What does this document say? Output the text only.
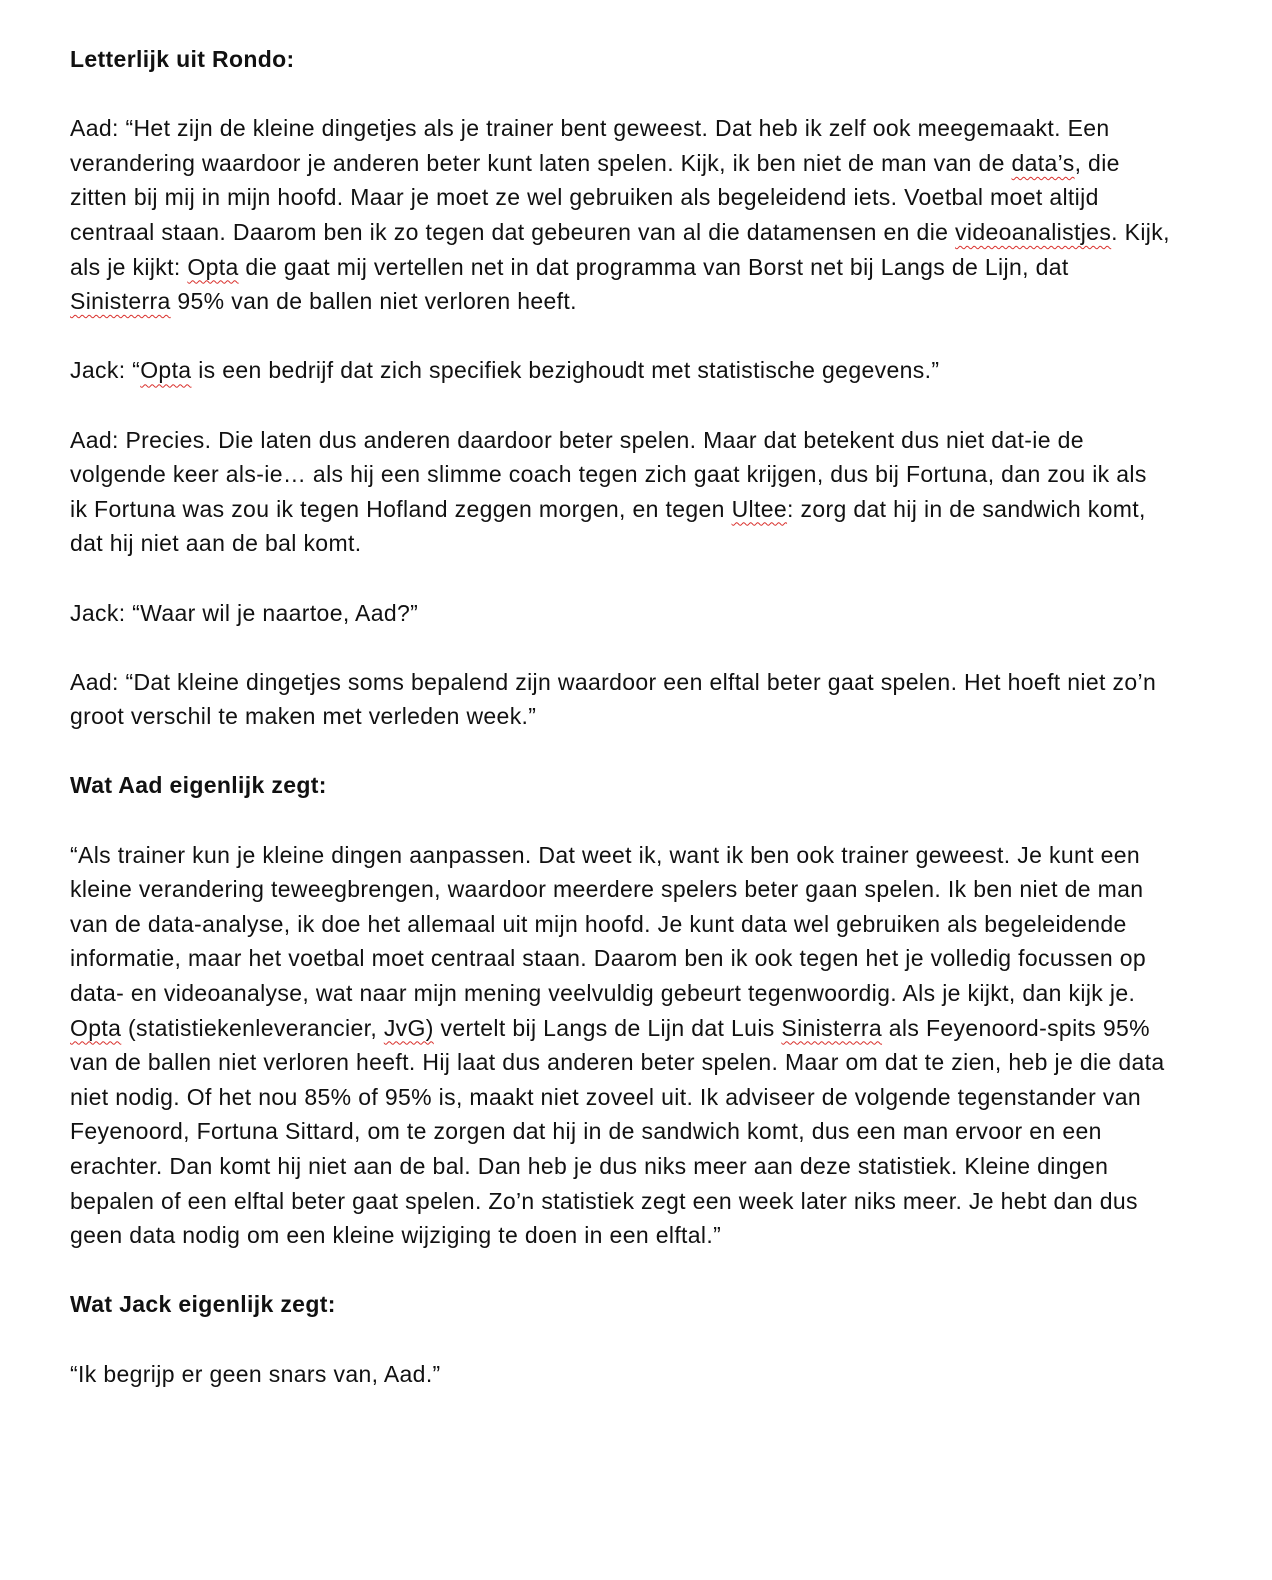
Letterlijk uit Rondo:

Aad: “Het zijn de kleine dingetjes als je trainer bent geweest. Dat heb ik zelf ook meegemaakt. Een verandering waardoor je anderen beter kunt laten spelen. Kijk, ik ben niet de man van de data’s, die zitten bij mij in mijn hoofd. Maar je moet ze wel gebruiken als begeleidend iets. Voetbal moet altijd centraal staan. Daarom ben ik zo tegen dat gebeuren van al die datamensen en die videoanalistjes. Kijk, als je kijkt: Opta die gaat mij vertellen net in dat programma van Borst net bij Langs de Lijn, dat Sinisterra 95% van de ballen niet verloren heeft.

Jack: “Opta is een bedrijf dat zich specifiek bezighoudt met statistische gegevens.”

Aad: Precies. Die laten dus anderen daardoor beter spelen. Maar dat betekent dus niet dat-ie de volgende keer als-ie… als hij een slimme coach tegen zich gaat krijgen, dus bij Fortuna, dan zou ik als ik Fortuna was zou ik tegen Hofland zeggen morgen, en tegen Ultee: zorg dat hij in de sandwich komt, dat hij niet aan de bal komt.

Jack: “Waar wil je naartoe, Aad?”

Aad: “Dat kleine dingetjes soms bepalend zijn waardoor een elftal beter gaat spelen. Het hoeft niet zo’n groot verschil te maken met verleden week.”

Wat Aad eigenlijk zegt:

“Als trainer kun je kleine dingen aanpassen. Dat weet ik, want ik ben ook trainer geweest. Je kunt een kleine verandering teweegbrengen, waardoor meerdere spelers beter gaan spelen. Ik ben niet de man van de data-analyse, ik doe het allemaal uit mijn hoofd. Je kunt data wel gebruiken als begeleidende informatie, maar het voetbal moet centraal staan. Daarom ben ik ook tegen het je volledig focussen op data- en videoanalyse, wat naar mijn mening veelvuldig gebeurt tegenwoordig. Als je kijkt, dan kijk je. Opta (statistiekenleverancier, JvG) vertelt bij Langs de Lijn dat Luis Sinisterra als Feyenoord-spits 95% van de ballen niet verloren heeft. Hij laat dus anderen beter spelen. Maar om dat te zien, heb je die data niet nodig. Of het nou 85% of 95% is, maakt niet zoveel uit. Ik adviseer de volgende tegenstander van Feyenoord, Fortuna Sittard, om te zorgen dat hij in de sandwich komt, dus een man ervoor en een erachter. Dan komt hij niet aan de bal. Dan heb je dus niks meer aan deze statistiek. Kleine dingen bepalen of een elftal beter gaat spelen. Zo’n statistiek zegt een week later niks meer. Je hebt dan dus geen data nodig om een kleine wijziging te doen in een elftal.”

Wat Jack eigenlijk zegt:

“Ik begrijp er geen snars van, Aad.”
